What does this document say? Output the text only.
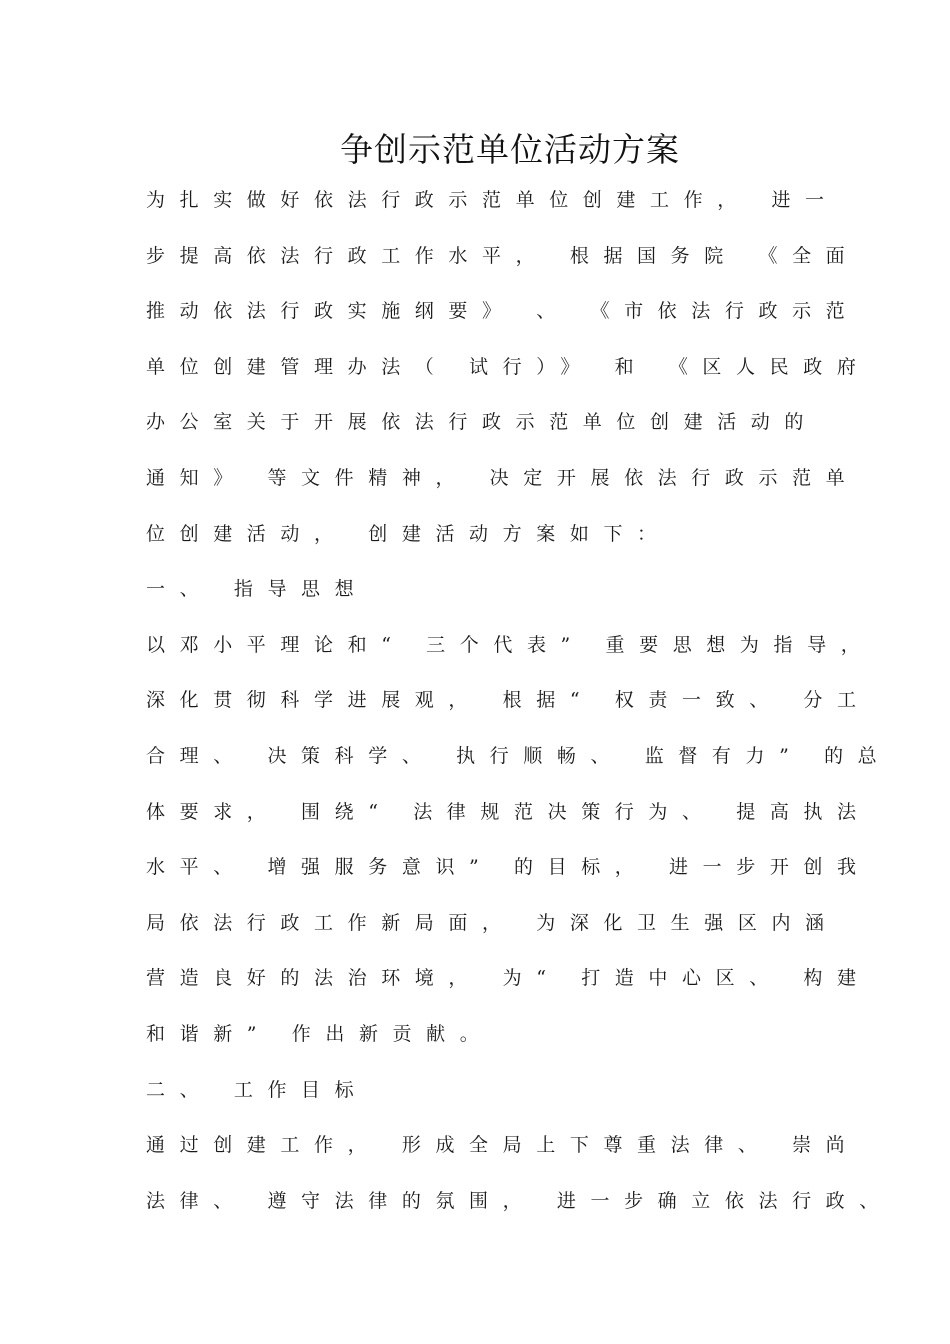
争创示范单位活动方案
为扎实做好依法行政示范单位创建工作， 进一
步提高依法行政工作水平， 根据国务院 《全面
推动依法行政实施纲要》 、 《市依法行政示范
单位创建管理办法（ 试行）》 和 《区人民政府
办公室关于开展依法行政示范单位创建活动的
通知》 等文件精神， 决定开展依法行政示范单
位创建活动， 创建活动方案如下：
一、 指导思想
以邓小平理论和“ 三个代表” 重要思想为指导，
深化贯彻科学进展观， 根据“ 权责一致、 分工
合理、 决策科学、 执行顺畅、 监督有力” 的总
体要求， 围绕“ 法律规范决策行为、 提高执法
水平、 增强服务意识” 的目标， 进一步开创我
局依法行政工作新局面， 为深化卫生强区内涵
营造良好的法治环境， 为“ 打造中心区、 构建
和谐新” 作出新贡献。
二、 工作目标
通过创建工作， 形成全局上下尊重法律、 崇尚
法律、 遵守法律的氛围， 进一步确立依法行政、
